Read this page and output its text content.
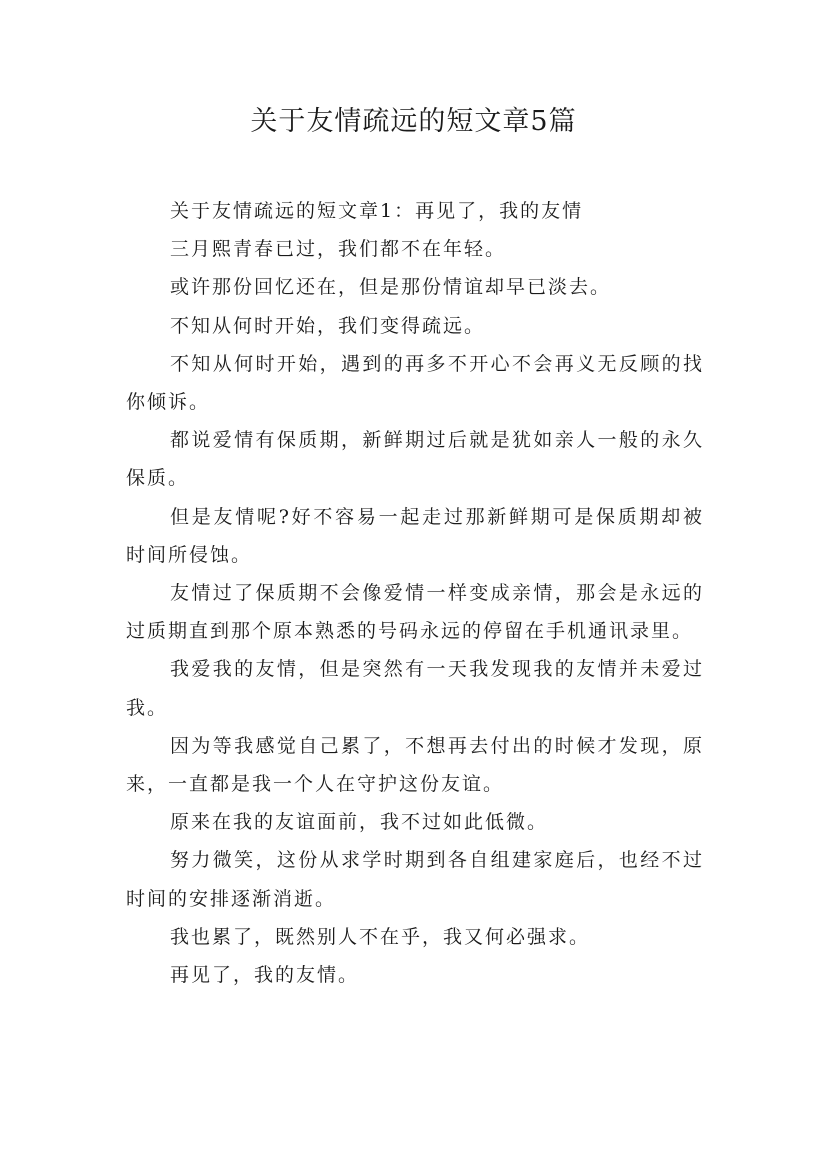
关于友情疏远的短文章5篇

关于友情疏远的短文章1：再见了，我的友情

三月熙青春已过，我们都不在年轻。

或许那份回忆还在，但是那份情谊却早已淡去。

不知从何时开始，我们变得疏远。

不知从何时开始，遇到的再多不开心不会再义无反顾的找你倾诉。

都说爱情有保质期，新鲜期过后就是犹如亲人一般的永久保质。

但是友情呢?好不容易一起走过那新鲜期可是保质期却被时间所侵蚀。

友情过了保质期不会像爱情一样变成亲情，那会是永远的过质期直到那个原本熟悉的号码永远的停留在手机通讯录里。

我爱我的友情，但是突然有一天我发现我的友情并未爱过我。

因为等我感觉自己累了，不想再去付出的时候才发现，原来，一直都是我一个人在守护这份友谊。

原来在我的友谊面前，我不过如此低微。

努力微笑，这份从求学时期到各自组建家庭后，也经不过时间的安排逐渐消逝。

我也累了，既然别人不在乎，我又何必强求。

再见了，我的友情。
